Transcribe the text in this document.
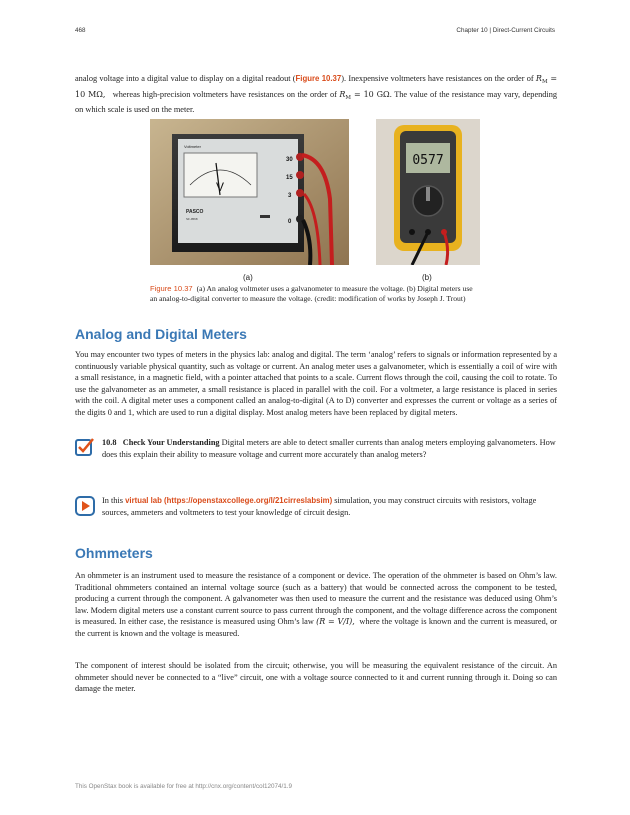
468	Chapter 10 | Direct-Current Circuits
analog voltage into a digital value to display on a digital readout (Figure 10.37). Inexpensive voltmeters have resistances on the order of $R_M = 10$ MΩ, whereas high-precision voltmeters have resistances on the order of $R_M = 10$ GΩ. The value of the resistance may vary, depending on which scale is used on the meter.
V
Voltmeter
PASCO
SF-9568
30
15
3
0
0577
(a)	(b)
Figure 10.37 (a) An analog voltmeter uses a galvanometer to measure the voltage. (b) Digital meters use an analog-to-digital converter to measure the voltage. (credit: modification of works by Joseph J. Trout)
Analog and Digital Meters
You may encounter two types of meters in the physics lab: analog and digital. The term ‘analog’ refers to signals or information represented by a continuously variable physical quantity, such as voltage or current. An analog meter uses a galvanometer, which is essentially a coil of wire with a small resistance, in a magnetic field, with a pointer attached that points to a scale. Current flows through the coil, causing the coil to rotate. To use the galvanometer as an ammeter, a small resistance is placed in parallel with the coil. For a voltmeter, a large resistance is placed in series with the coil. A digital meter uses a component called an analog-to-digital (A to D) converter and expresses the current or voltage as a series of the digits 0 and 1, which are used to run a digital display. Most analog meters have been replaced by digital meters.
10.8 Check Your Understanding Digital meters are able to detect smaller currents than analog meters employing galvanometers. How does this explain their ability to measure voltage and current more accurately than analog meters?
In this virtual lab (https://openstaxcollege.org/l/21cirreslabsim) simulation, you may construct circuits with resistors, voltage sources, ammeters and voltmeters to test your knowledge of circuit design.
Ohmmeters
An ohmmeter is an instrument used to measure the resistance of a component or device. The operation of the ohmmeter is based on Ohm’s law. Traditional ohmmeters contained an internal voltage source (such as a battery) that would be connected across the component to be tested, producing a current through the component. A galvanometer was then used to measure the current and the resistance was deduced using Ohm’s law. Modern digital meters use a constant current source to pass current through the component, and the voltage difference across the component is measured. In either case, the resistance is measured using Ohm’s law (R = V/I), where the voltage is known and the current is measured, or the current is known and the voltage is measured.
The component of interest should be isolated from the circuit; otherwise, you will be measuring the equivalent resistance of the circuit. An ohmmeter should never be connected to a “live” circuit, one with a voltage source connected to it and current running through it. Doing so can damage the meter.
This OpenStax book is available for free at http://cnx.org/content/col12074/1.9
